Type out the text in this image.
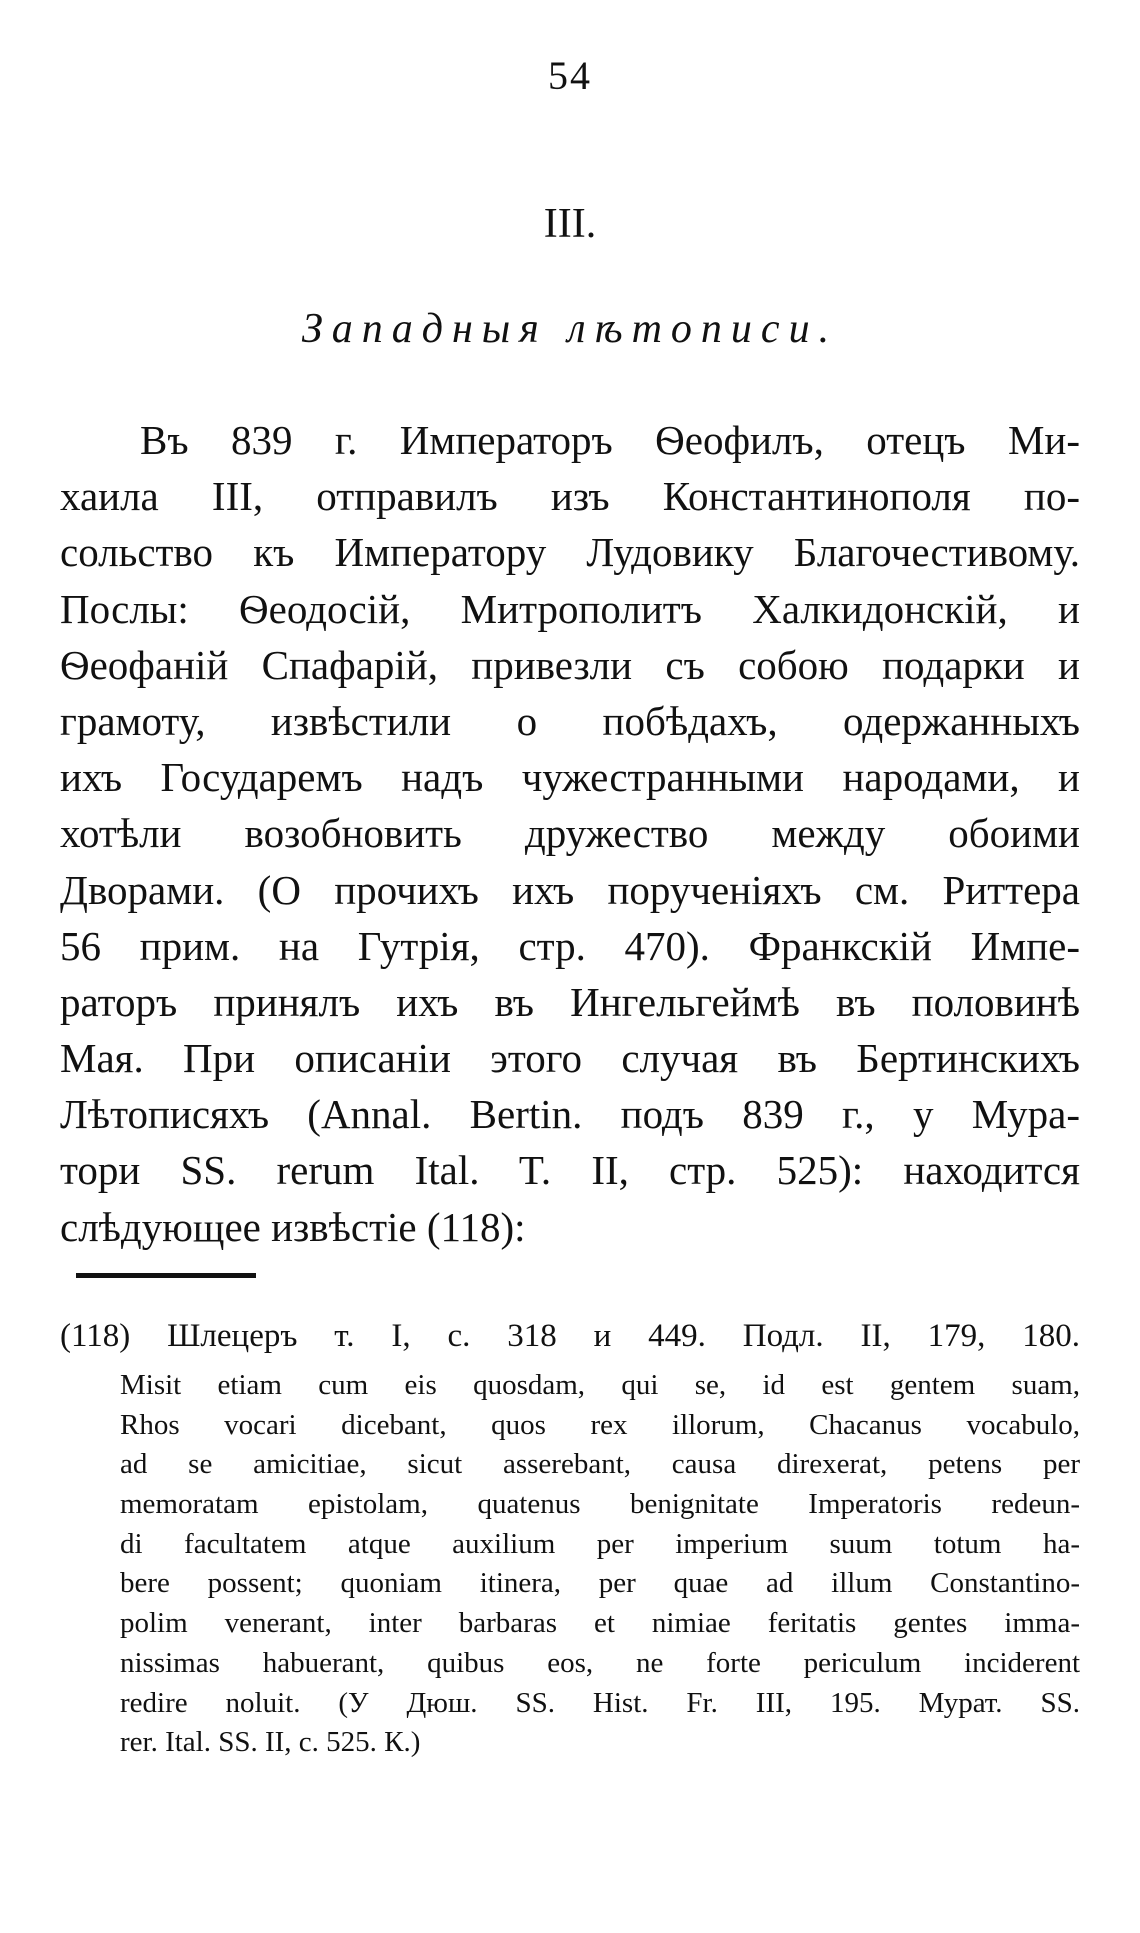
54
III.
Западныя лѣтописи.
Въ 839 г. Императоръ Ѳеофилъ, отецъ Ми-
хаила III, отправилъ изъ Константинополя по-
сольство къ Императору Лудовику Благочестивому.
Послы: Ѳеодосій, Митрополитъ Халкидонскій, и
Ѳеофаній Спафарій, привезли съ собою подарки и
грамоту, извѣстили о побѣдахъ, одержанныхъ
ихъ Государемъ надъ чужестранными народами, и
хотѣли возобновить дружество между обоими
Дворами. (О прочихъ ихъ порученіяхъ см. Риттера
56 прим. на Гутрія, стр. 470). Франкскій Импе-
раторъ принялъ ихъ въ Ингельгеймѣ въ половинѣ
Мая. При описаніи этого случая въ Бертинскихъ
Лѣтописяхъ (Annal. Bertin. подъ 839 г., у Мура-
тори SS. rerum Ital. T. II, стр. 525): находится
слѣдующее извѣстіе (118):
(118) Шлецеръ т. I, с. 318 и 449. Подл. II, 179, 180.
Misit etiam cum eis quosdam, qui se, id est gentem suam,
Rhos vocari dicebant, quos rex illorum, Chacanus vocabulo,
ad se amicitiae, sicut asserebant, causa direxerat, petens per
memoratam epistolam, quatenus benignitate Imperatoris redeun-
di facultatem atque auxilium per imperium suum totum ha-
bere possent; quoniam itinera, per quae ad illum Constantino-
polim venerant, inter barbaras et nimiae feritatis gentes imma-
nissimas habuerant, quibus eos, ne forte periculum inciderent
redire noluit. (У Дюш. SS. Hist. Fr. III, 195. Мурат. SS.
rer. Ital. SS. II, c. 525. К.)
